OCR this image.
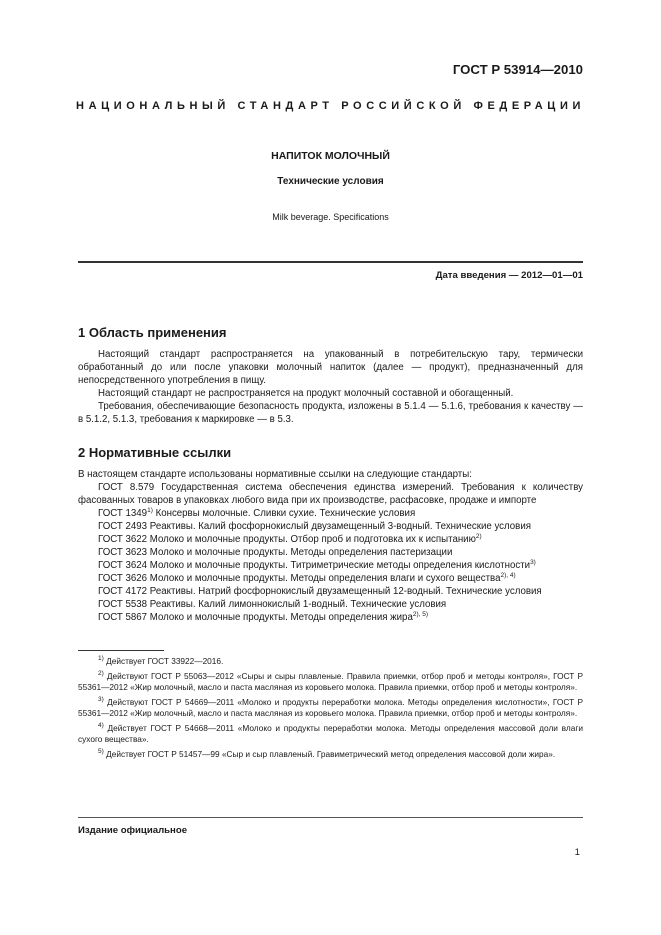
ГОСТ Р 53914—2010
НАЦИОНАЛЬНЫЙ СТАНДАРТ РОССИЙСКОЙ ФЕДЕРАЦИИ
НАПИТОК МОЛОЧНЫЙ
Технические условия
Milk beverage. Specifications
Дата введения — 2012—01—01
1 Область применения

Настоящий стандарт распространяется на упакованный в потребительскую тару, термически обработанный до или после упаковки молочный напиток (далее — продукт), предназначенный для непосредственного употребления в пищу.

Настоящий стандарт не распространяется на продукт молочный составной и обогащенный.

Требования, обеспечивающие безопасность продукта, изложены в 5.1.4 — 5.1.6, требования к качеству — в 5.1.2, 5.1.3, требования к маркировке — в 5.3.

2 Нормативные ссылки
В настоящем стандарте использованы нормативные ссылки на следующие стандарты:
ГОСТ 8.579 Государственная система обеспечения единства измерений. Требования к количеству фасованных товаров в упаковках любого вида при их производстве, расфасовке, продаже и импорте
ГОСТ 1349$^{1)}$ Консервы молочные. Сливки сухие. Технические условия
ГОСТ 2493 Реактивы. Калий фосфорнокислый двузамещенный 3-водный. Технические условия
ГОСТ 3622 Молоко и молочные продукты. Отбор проб и подготовка их к испытанию$^{2)}$
ГОСТ 3623 Молоко и молочные продукты. Методы определения пастеризации
ГОСТ 3624 Молоко и молочные продукты. Титриметрические методы определения кислотности$^{3)}$
ГОСТ 3626 Молоко и молочные продукты. Методы определения влаги и сухого вещества$^{2), 4)}$
ГОСТ 4172 Реактивы. Натрий фосфорнокислый двузамещенный 12-водный. Технические условия
ГОСТ 5538 Реактивы. Калий лимоннокислый 1-водный. Технические условия
ГОСТ 5867 Молоко и молочные продукты. Методы определения жира$^{2), 5)}$
$^{1)}$ Действует ГОСТ 33922—2016.
$^{2)}$ Действуют ГОСТ Р 55063—2012 «Сыры и сыры плавленые. Правила приемки, отбор проб и методы контроля», ГОСТ Р 55361—2012 «Жир молочный, масло и паста масляная из коровьего молока. Правила приемки, отбор проб и методы контроля».
$^{3)}$ Действуют ГОСТ Р 54669—2011 «Молоко и продукты переработки молока. Методы определения кислотности», ГОСТ Р 55361—2012 «Жир молочный, масло и паста масляная из коровьего молока. Правила приемки, отбор проб и методы контроля».
$^{4)}$ Действует ГОСТ Р 54668—2011 «Молоко и продукты переработки молока. Методы определения массовой доли влаги сухого вещества».
$^{5)}$ Действует ГОСТ Р 51457—99 «Сыр и сыр плавленый. Гравиметрический метод определения массовой доли жира».
Издание официальное
1
